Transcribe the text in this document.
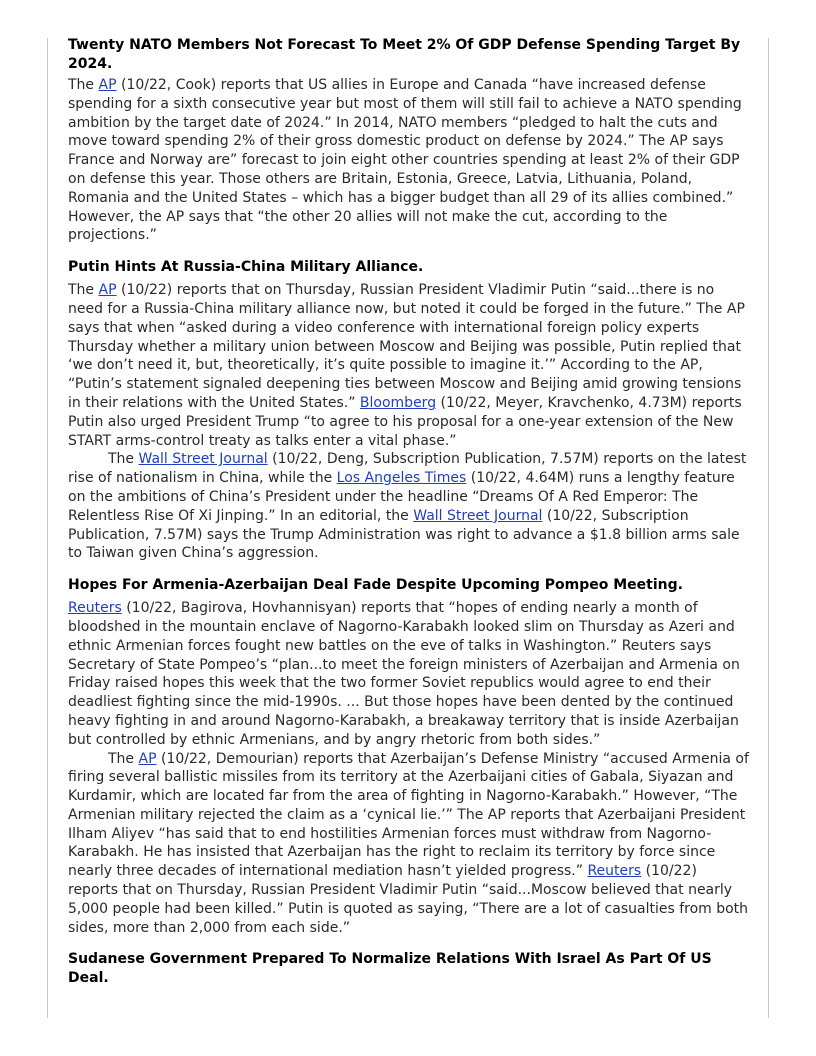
Twenty NATO Members Not Forecast To Meet 2% Of GDP Defense Spending Target By 2024.

The AP (10/22, Cook) reports that US allies in Europe and Canada “have increased defense spending for a sixth consecutive year but most of them will still fail to achieve a NATO spending ambition by the target date of 2024.” In 2014, NATO members “pledged to halt the cuts and move toward spending 2% of their gross domestic product on defense by 2024.” The AP says France and Norway are” forecast to join eight other countries spending at least 2% of their GDP on defense this year. Those others are Britain, Estonia, Greece, Latvia, Lithuania, Poland, Romania and the United States – which has a bigger budget than all 29 of its allies combined.” However, the AP says that “the other 20 allies will not make the cut, according to the projections.”

Putin Hints At Russia-China Military Alliance.

The AP (10/22) reports that on Thursday, Russian President Vladimir Putin “said...there is no need for a Russia-China military alliance now, but noted it could be forged in the future.” The AP says that when “asked during a video conference with international foreign policy experts Thursday whether a military union between Moscow and Beijing was possible, Putin replied that ‘we don’t need it, but, theoretically, it’s quite possible to imagine it.’” According to the AP, “Putin’s statement signaled deepening ties between Moscow and Beijing amid growing tensions in their relations with the United States.” Bloomberg (10/22, Meyer, Kravchenko, 4.73M) reports Putin also urged President Trump “to agree to his proposal for a one-year extension of the New START arms-control treaty as talks enter a vital phase.”

The Wall Street Journal (10/22, Deng, Subscription Publication, 7.57M) reports on the latest rise of nationalism in China, while the Los Angeles Times (10/22, 4.64M) runs a lengthy feature on the ambitions of China’s President under the headline “Dreams Of A Red Emperor: The Relentless Rise Of Xi Jinping.” In an editorial, the Wall Street Journal (10/22, Subscription Publication, 7.57M) says the Trump Administration was right to advance a $1.8 billion arms sale to Taiwan given China’s aggression.

Hopes For Armenia-Azerbaijan Deal Fade Despite Upcoming Pompeo Meeting.

Reuters (10/22, Bagirova, Hovhannisyan) reports that “hopes of ending nearly a month of bloodshed in the mountain enclave of Nagorno-Karabakh looked slim on Thursday as Azeri and ethnic Armenian forces fought new battles on the eve of talks in Washington.” Reuters says Secretary of State Pompeo’s “plan...to meet the foreign ministers of Azerbaijan and Armenia on Friday raised hopes this week that the two former Soviet republics would agree to end their deadliest fighting since the mid-1990s. ... But those hopes have been dented by the continued heavy fighting in and around Nagorno-Karabakh, a breakaway territory that is inside Azerbaijan but controlled by ethnic Armenians, and by angry rhetoric from both sides.”

The AP (10/22, Demourian) reports that Azerbaijan’s Defense Ministry “accused Armenia of firing several ballistic missiles from its territory at the Azerbaijani cities of Gabala, Siyazan and Kurdamir, which are located far from the area of fighting in Nagorno-Karabakh.” However, “The Armenian military rejected the claim as a ‘cynical lie.’” The AP reports that Azerbaijani President Ilham Aliyev “has said that to end hostilities Armenian forces must withdraw from Nagorno-Karabakh. He has insisted that Azerbaijan has the right to reclaim its territory by force since nearly three decades of international mediation hasn’t yielded progress.” Reuters (10/22) reports that on Thursday, Russian President Vladimir Putin “said...Moscow believed that nearly 5,000 people had been killed.” Putin is quoted as saying, “There are a lot of casualties from both sides, more than 2,000 from each side.”

Sudanese Government Prepared To Normalize Relations With Israel As Part Of US Deal.
